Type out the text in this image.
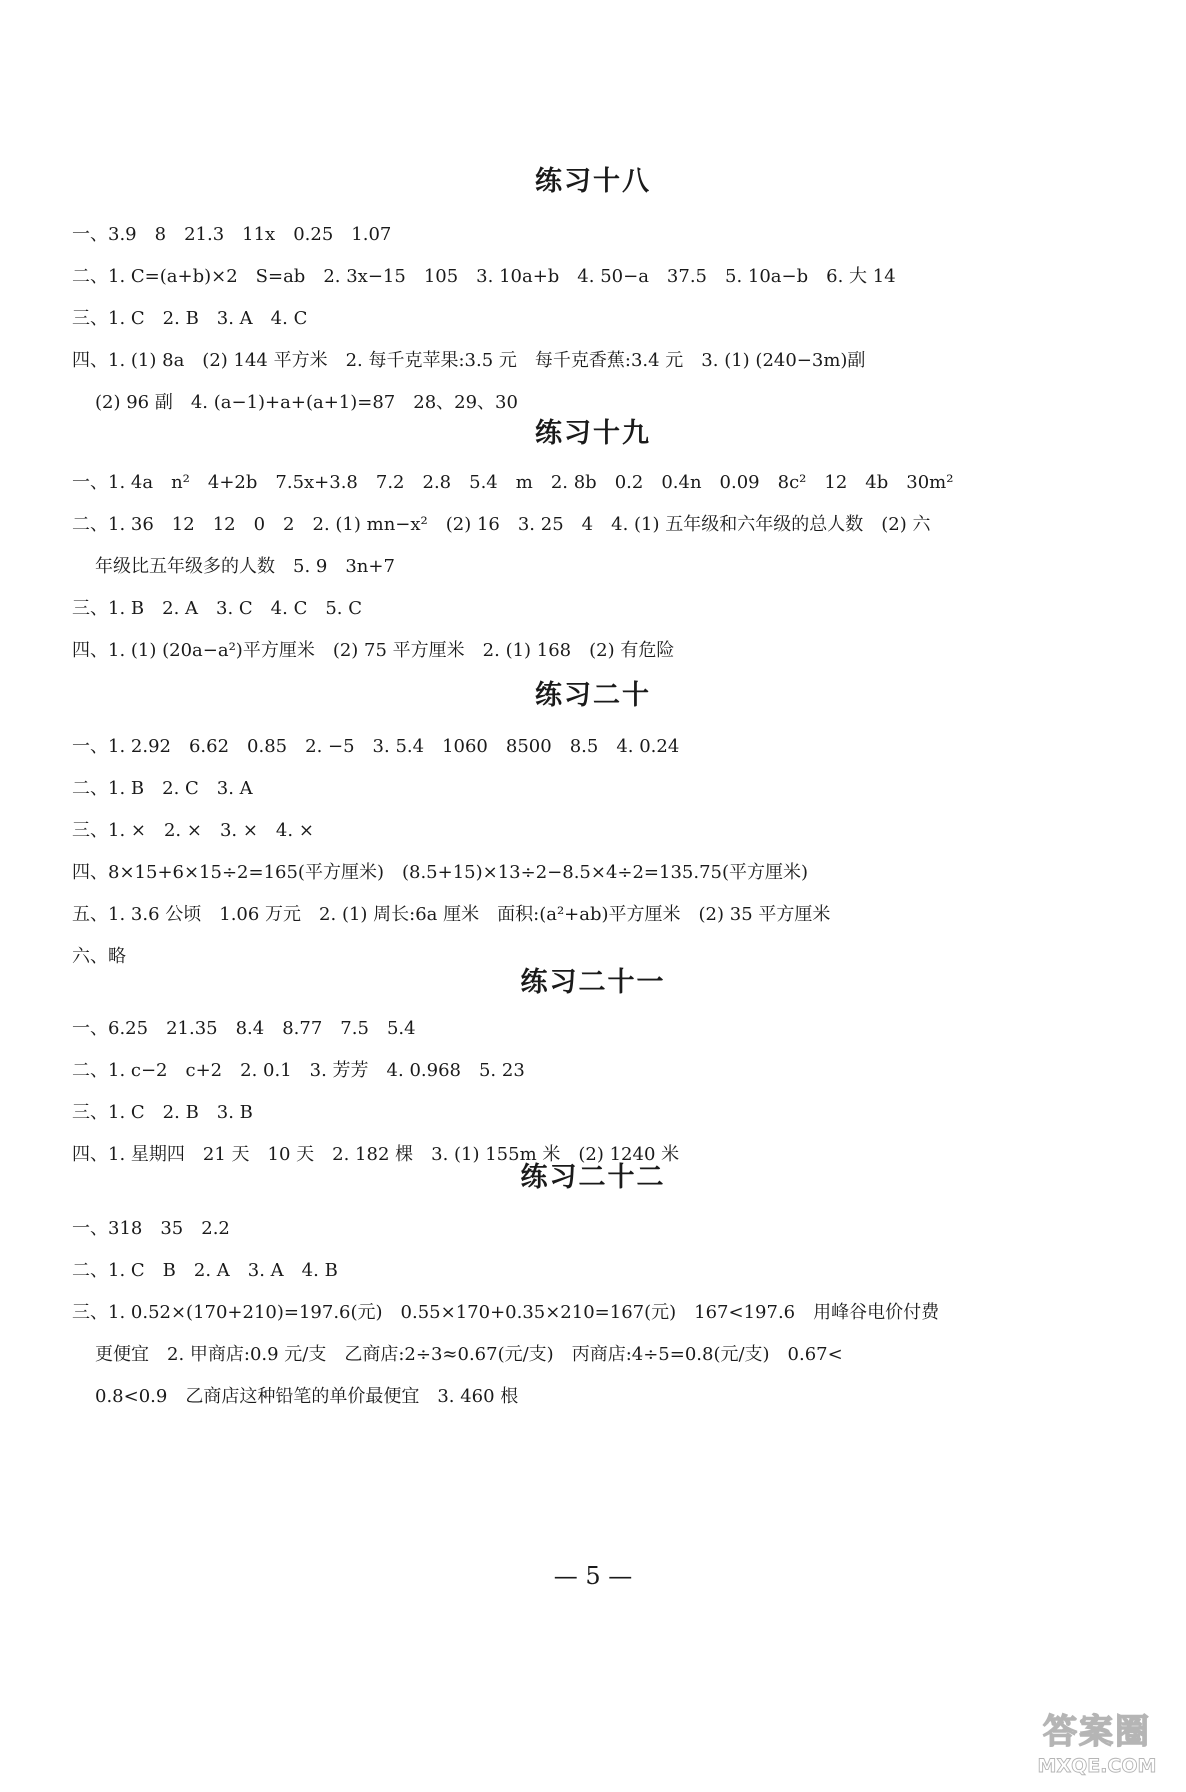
练习十八
一、3.9　8　21.3　11x　0.25　1.07
二、1. C=(a+b)×2　S=ab　2. 3x−15　105　3. 10a+b　4. 50−a　37.5　5. 10a−b　6. 大 14
三、1. C　2. B　3. A　4. C
四、1. (1) 8a　(2) 144 平方米　2. 每千克苹果:3.5 元　每千克香蕉:3.4 元　3. (1) (240−3m)副
(2) 96 副　4. (a−1)+a+(a+1)=87　28、29、30
练习十九
一、1. 4a　n²　4+2b　7.5x+3.8　7.2　2.8　5.4　m　2. 8b　0.2　0.4n　0.09　8c²　12　4b　30m²
二、1. 36　12　12　0　2　2. (1) mn−x²　(2) 16　3. 25　4　4. (1) 五年级和六年级的总人数　(2) 六
年级比五年级多的人数　5. 9　3n+7
三、1. B　2. A　3. C　4. C　5. C
四、1. (1) (20a−a²)平方厘米　(2) 75 平方厘米　2. (1) 168　(2) 有危险
练习二十
一、1. 2.92　6.62　0.85　2. −5　3. 5.4　1060　8500　8.5　4. 0.24
二、1. B　2. C　3. A
三、1. ×　2. ×　3. ×　4. ×
四、8×15+6×15÷2=165(平方厘米)　(8.5+15)×13÷2−8.5×4÷2=135.75(平方厘米)
五、1. 3.6 公顷　1.06 万元　2. (1) 周长:6a 厘米　面积:(a²+ab)平方厘米　(2) 35 平方厘米
六、略
练习二十一
一、6.25　21.35　8.4　8.77　7.5　5.4
二、1. c−2　c+2　2. 0.1　3. 芳芳　4. 0.968　5. 23
三、1. C　2. B　3. B
四、1. 星期四　21 天　10 天　2. 182 棵　3. (1) 155m 米　(2) 1240 米
练习二十二
一、318　35　2.2
二、1. C　B　2. A　3. A　4. B
三、1. 0.52×(170+210)=197.6(元)　0.55×170+0.35×210=167(元)　167<197.6　用峰谷电价付费
更便宜　2. 甲商店:0.9 元/支　乙商店:2÷3≈0.67(元/支)　丙商店:4÷5=0.8(元/支)　0.67<
0.8<0.9　乙商店这种铅笔的单价最便宜　3. 460 根
— 5 —
答案圈
MXQE.COM
